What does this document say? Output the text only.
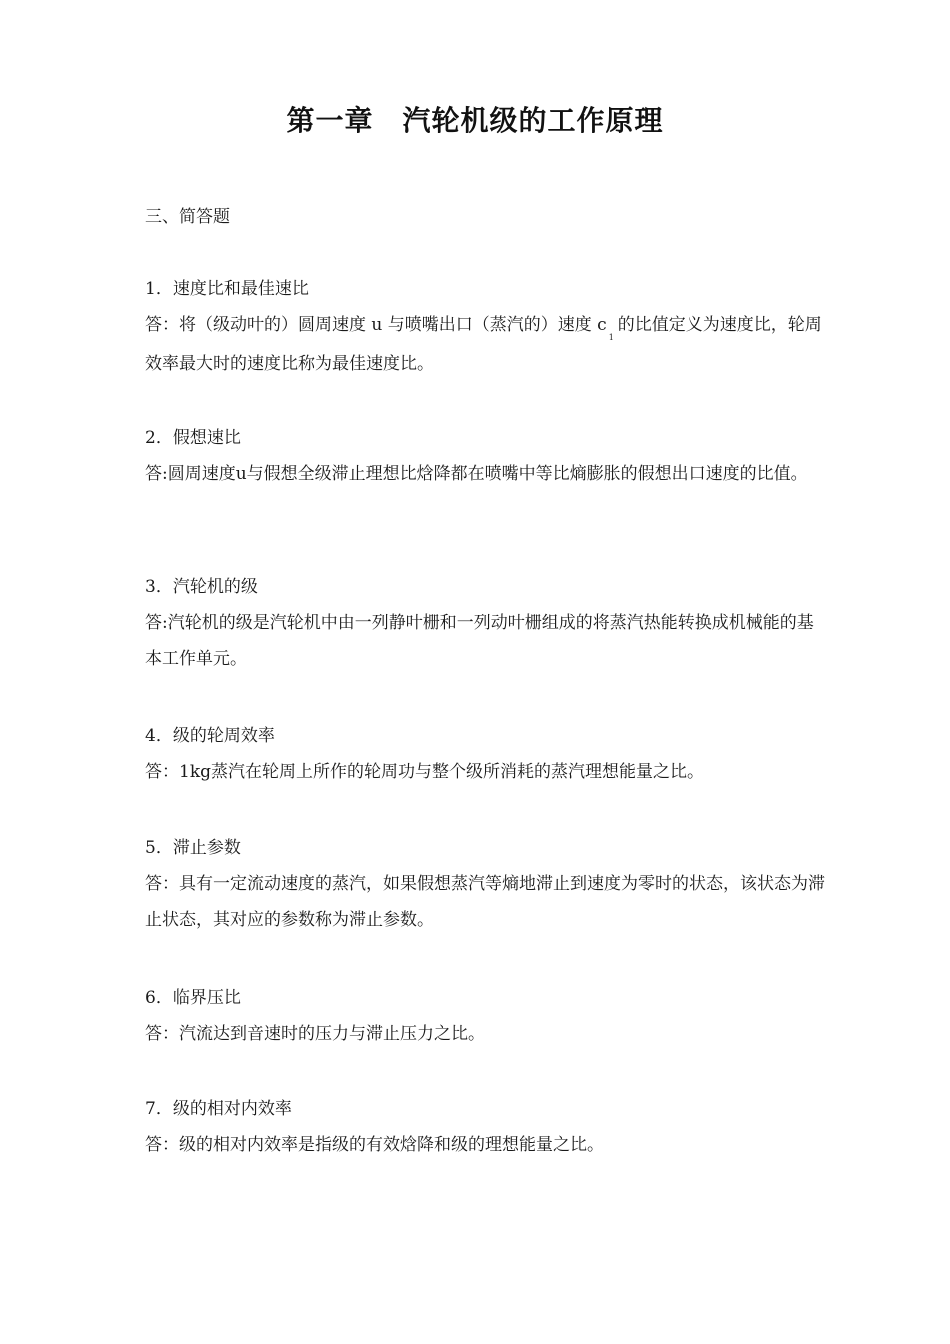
第一章　汽轮机级的工作原理
三、简答题
1．速度比和最佳速比
答：将（级动叶的）圆周速度 u 与喷嘴出口（蒸汽的）速度 $c_1$的比值定义为速度比，轮周效率最大时的速度比称为最佳速度比。
2．假想速比
答:圆周速度u与假想全级滞止理想比焓降都在喷嘴中等比熵膨胀的假想出口速度的比值。
3．汽轮机的级
答:汽轮机的级是汽轮机中由一列静叶栅和一列动叶栅组成的将蒸汽热能转换成机械能的基本工作单元。
4．级的轮周效率
答：1kg蒸汽在轮周上所作的轮周功与整个级所消耗的蒸汽理想能量之比。
5．滞止参数
答：具有一定流动速度的蒸汽，如果假想蒸汽等熵地滞止到速度为零时的状态，该状态为滞止状态，其对应的参数称为滞止参数。
6．临界压比
答：汽流达到音速时的压力与滞止压力之比。
7．级的相对内效率
答：级的相对内效率是指级的有效焓降和级的理想能量之比。
